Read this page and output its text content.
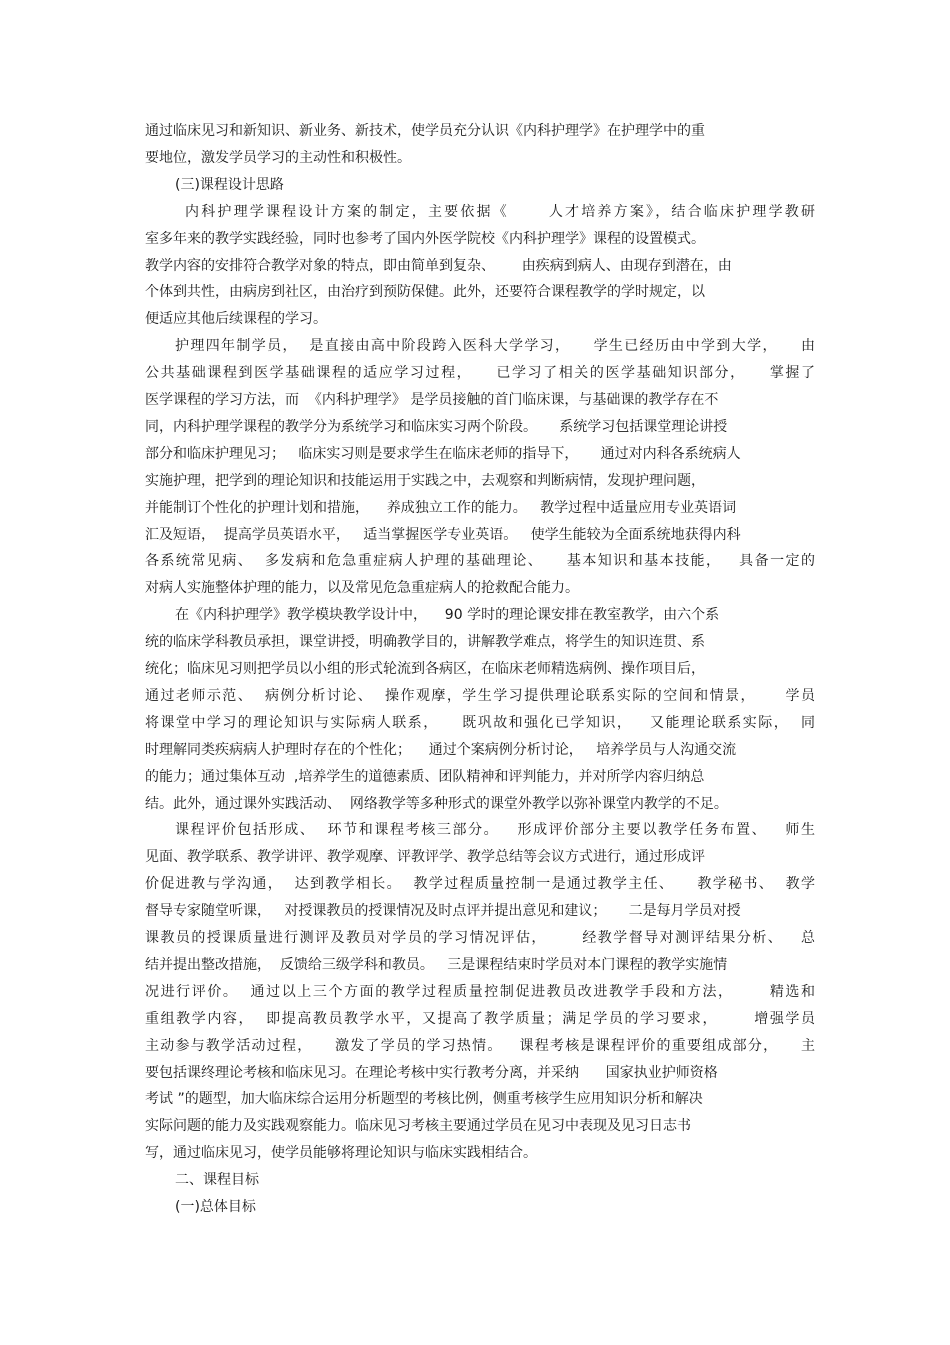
通过临床见习和新知识、新业务、新技术，使学员充分认识《内科护理学》在护理学中的重
要地位，激发学员学习的主动性和积极性。
(三)课程设计思路
内科护理学课程设计方案的制定，主要依据《      人才培养方案》，结合临床护理学教研
室多年来的教学实践经验，同时也参考了国内外医学院校《内科护理学》课程的设置模式。
教学内容的安排符合教学对象的特点，即由简单到复杂、      由疾病到病人、由现存到潜在，由
个体到共性，由病房到社区，由治疗到预防保健。此外，还要符合课程教学的学时规定，以
便适应其他后续课程的学习。
护理四年制学员，  是直接由高中阶段跨入医科大学学习，    学生已经历由中学到大学，    由
公共基础课程到医学基础课程的适应学习过程，    已学习了相关的医学基础知识部分，    掌握了
医学课程的学习方法，而  《内科护理学》 是学员接触的首门临床课，与基础课的教学存在不
同，内科护理学课程的教学分为系统学习和临床实习两个阶段。     系统学习包括课堂理论讲授
部分和临床护理见习；   临床实习则是要求学生在临床老师的指导下，     通过对内科各系统病人
实施护理，把学到的理论知识和技能运用于实践之中，去观察和判断病情，发现护理问题，
并能制订个性化的护理计划和措施，    养成独立工作的能力。   教学过程中适量应用专业英语词
汇及短语，  提高学员英语水平，   适当掌握医学专业英语。   使学生能较为全面系统地获得内科
各系统常见病、  多发病和危急重症病人护理的基础理论、    基本知识和基本技能，   具备一定的
对病人实施整体护理的能力，以及常见危急重症病人的抢救配合能力。
在《内科护理学》教学模块教学设计中，    90 学时的理论课安排在教室教学，由六个系
统的临床学科教员承担，课堂讲授，明确教学目的，讲解教学难点，将学生的知识连贯、系
统化；临床见习则把学员以小组的形式轮流到各病区，在临床老师精选病例、操作项目后，
通过老师示范、  病例分析讨论、  操作观摩，学生学习提供理论联系实际的空间和情景，     学员
将课堂中学习的理论知识与实际病人联系，    既巩故和强化已学知识，   又能理论联系实际，  同
时理解同类疾病病人护理时存在的个性化；    通过个案病例分析讨论，   培养学员与人沟通交流
的能力；通过集体互动  ,培养学生的道德素质、团队精神和评判能力，并对所学内容归纳总
结。此外，通过课外实践活动、  网络教学等多种形式的课堂外教学以弥补课堂内教学的不足。
课程评价包括形成、  环节和课程考核三部分。   形成评价部分主要以教学任务布置、   师生
见面、教学联系、教学讲评、教学观摩、评教评学、教学总结等会议方式进行，通过形成评
价促进教与学沟通，  达到教学相长。  教学过程质量控制一是通过教学主任、    教学秘书、  教学
督导专家随堂听课，   对授课教员的授课情况及时点评并提出意见和建议；     二是每月学员对授
课教员的授课质量进行测评及教员对学员的学习情况评估，      经教学督导对测评结果分析、   总
结并提出整改措施，  反馈给三级学科和教员。   三是课程结束时学员对本门课程的教学实施情
况进行评价。  通过以上三个方面的教学过程质量控制促进教员改进教学手段和方法，      精选和
重组教学内容，  即提高教员教学水平，又提高了教学质量；满足学员的学习要求，      增强学员
主动参与教学活动过程，    激发了学员的学习热情。   课程考核是课程评价的重要组成部分，    主
要包括课终理论考核和临床见习。在理论考核中实行教考分离，并采纳      国家执业护师资格
考试 ”的题型，加大临床综合运用分析题型的考核比例，侧重考核学生应用知识分析和解决
实际问题的能力及实践观察能力。临床见习考核主要通过学员在见习中表现及见习日志书
写，通过临床见习，使学员能够将理论知识与临床实践相结合。
二、课程目标
(一)总体目标
